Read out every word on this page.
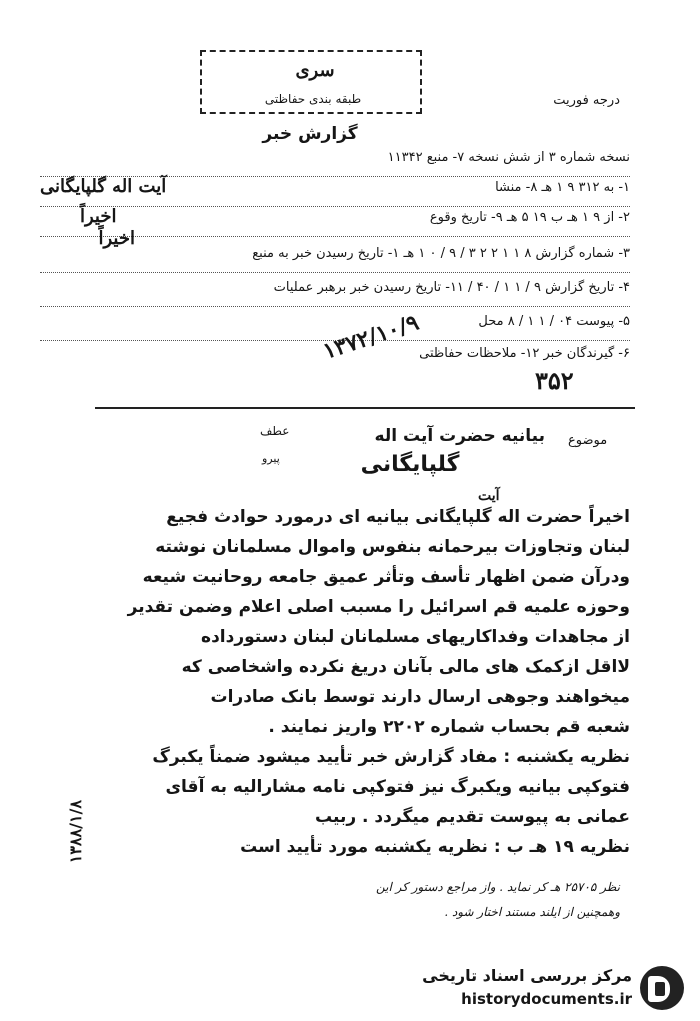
سری
طبقه بندی حفاظتی	درجه فوریت
گزارش خبر
نسخه شماره ۳ از شش نسخه ۷- منبع ۱۱۳۴۲
۱- به ۳۱۲ ۹ ۱ هـ ۸- منشا
آیت اله گلپایگانی
۲- از ۹ ۱ هـ ب ۱۹ ۵ هـ ۹- تاریخ وقوع
اخیراً
۳- شماره گزارش ۸ ۱ ۱ ۲ ۲ ۳ / ۹ / ۰ ۱ هـ ۱- تاریخ رسیدن خبر به منبع
اخیراً
۴- تاریخ گزارش ۹ / ۱ ۱ / ۴۰ / ۱۱- تاریخ رسیدن خبر برهبر عملیات
۵- پیوست ۰۴ / ۱ ۱ / ۸ محل
۶- گیرندگان خبر ۱۲- ملاحظات حفاظتی
۳۵۲
۱۳۷۲/۱۰/۹
موضوع
بیانیه حضرت آیت اله
گلپایگانی
عطف
پیرو
آیت
اخیراً حضرت اله گلپایگانی بیانیه ای درمورد حوادث فجیع
لبنان وتجاوزات بیرحمانه بنفوس واموال مسلمانان نوشته
ودرآن ضمن اظهار تأسف وتأثر عمیق جامعه روحانیت شیعه
وحوزه علمیه قم اسرائیل را مسبب اصلی اعلام وضمن تقدیر
از مجاهدات وفداکاریهای مسلمانان لبنان دستورداده
لااقل ازکمک های مالی بآنان دریغ نکرده واشخاصی که
میخواهند وجوهی ارسال دارند توسط بانک صادرات
شعبه قم بحساب شماره ۲۲۰۲ واریز نمایند .
نظریه یکشنبه : مفاد گزارش خبر تأیید میشود ضمناً یکبرگ
فتوکپی بیانیه ویکبرگ نیز فتوکپی نامه مشارالیه به آقای
عمانی به پیوست تقدیم میگردد . ربیب
نظریه ۱۹ هـ ب : نظریه یکشنبه مورد تأیید است
نظر ۲۵۷۰۵ هـ کر نماید . واز مراجع دستور کر این
وهمچنین از ایلند مستند اختار شود .
۱۳۸۸/۱/۸
مرکز بررسی اسناد تاریخی
historydocuments.ir
